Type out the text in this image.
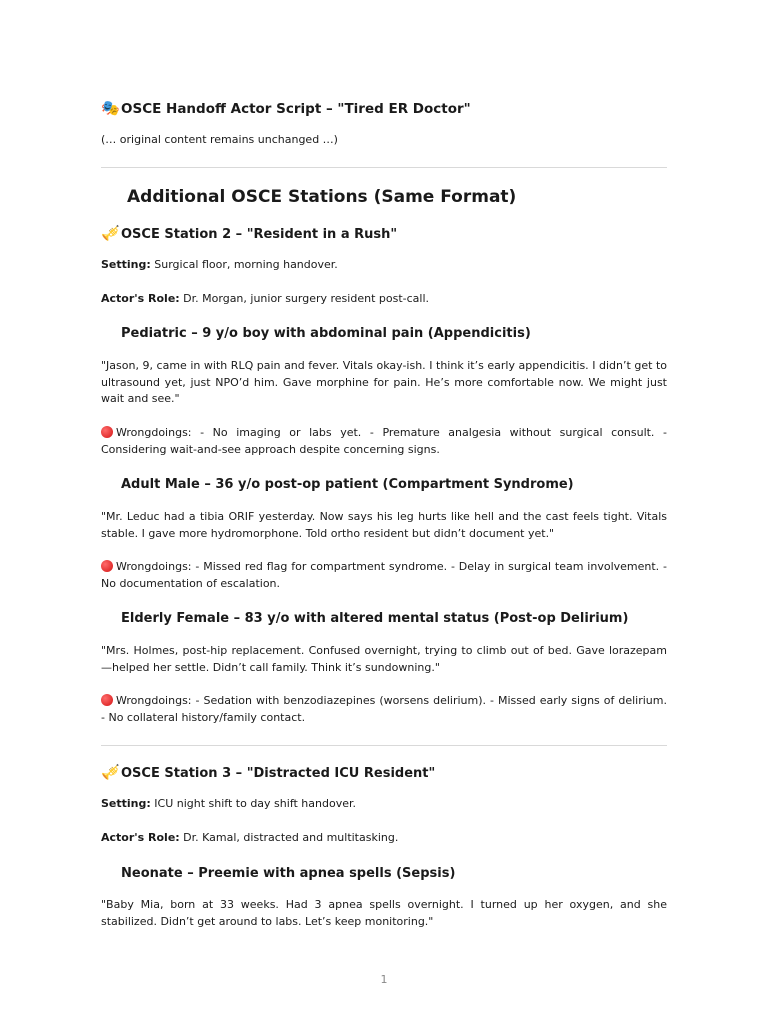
🎭OSCE Handoff Actor Script – "Tired ER Doctor"
(… original content remains unchanged …)
Additional OSCE Stations (Same Format)
🎺OSCE Station 2 – "Resident in a Rush"
Setting: Surgical floor, morning handover.
Actor's Role: Dr. Morgan, junior surgery resident post-call.
Pediatric – 9 y/o boy with abdominal pain (Appendicitis)

"Jason, 9, came in with RLQ pain and fever. Vitals okay-ish. I think it’s early appendicitis. I didn’t get to ultrasound yet, just NPO’d him. Gave morphine for pain. He’s more comfortable now. We might just wait and see."

Wrongdoings: - No imaging or labs yet. - Premature analgesia without surgical consult. - Considering wait-and-see approach despite concerning signs.

Adult Male – 36 y/o post-op patient (Compartment Syndrome)

"Mr. Leduc had a tibia ORIF yesterday. Now says his leg hurts like hell and the cast feels tight. Vitals stable. I gave more hydromorphone. Told ortho resident but didn’t document yet."

Wrongdoings: - Missed red flag for compartment syndrome. - Delay in surgical team involvement. - No documentation of escalation.

Elderly Female – 83 y/o with altered mental status (Post-op Delirium)

"Mrs. Holmes, post-hip replacement. Confused overnight, trying to climb out of bed. Gave lorazepam—helped her settle. Didn’t call family. Think it’s sundowning."

Wrongdoings: - Sedation with benzodiazepines (worsens delirium). - Missed early signs of delirium. - No collateral history/family contact.

🎺OSCE Station 3 – "Distracted ICU Resident"
Setting: ICU night shift to day shift handover.
Actor's Role: Dr. Kamal, distracted and multitasking.
Neonate – Preemie with apnea spells (Sepsis)

"Baby Mia, born at 33 weeks. Had 3 apnea spells overnight. I turned up her oxygen, and she stabilized. Didn’t get around to labs. Let’s keep monitoring."

1
